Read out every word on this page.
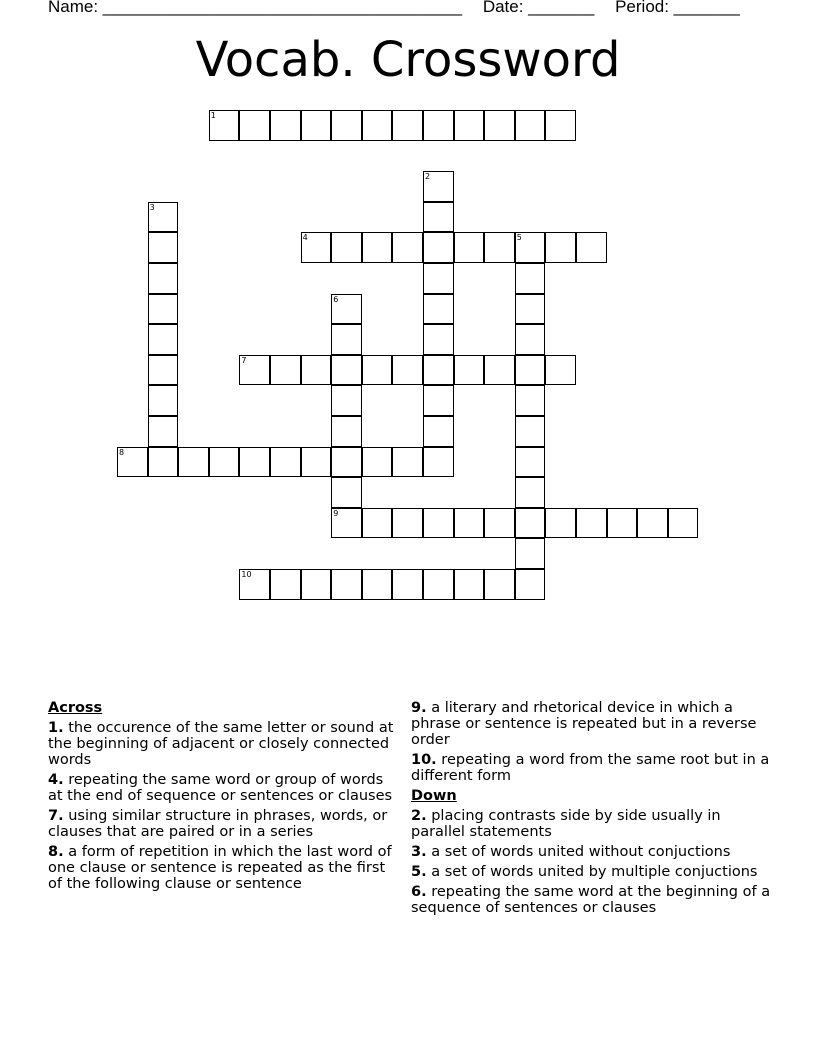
Name: ______________________________________ Date: _______ Period: _______
Vocab. Crossword
1
2
3
4	5
6
9
7
8
10
Across
1. the occurence of the same letter or sound at the beginning of adjacent or closely connected words
4. repeating the same word or group of words at the end of sequence or sentences or clauses
7. using similar structure in phrases, words, or clauses that are paired or in a series
8. a form of repetition in which the last word of one clause or sentence is repeated as the first of the following clause or sentence
9. a literary and rhetorical device in which a phrase or sentence is repeated but in a reverse order
10. repeating a word from the same root but in a different form
Down
2. placing contrasts side by side usually in parallel statements
3. a set of words united without conjuctions
5. a set of words united by multiple conjuctions
6. repeating the same word at the beginning of a sequence of sentences or clauses
